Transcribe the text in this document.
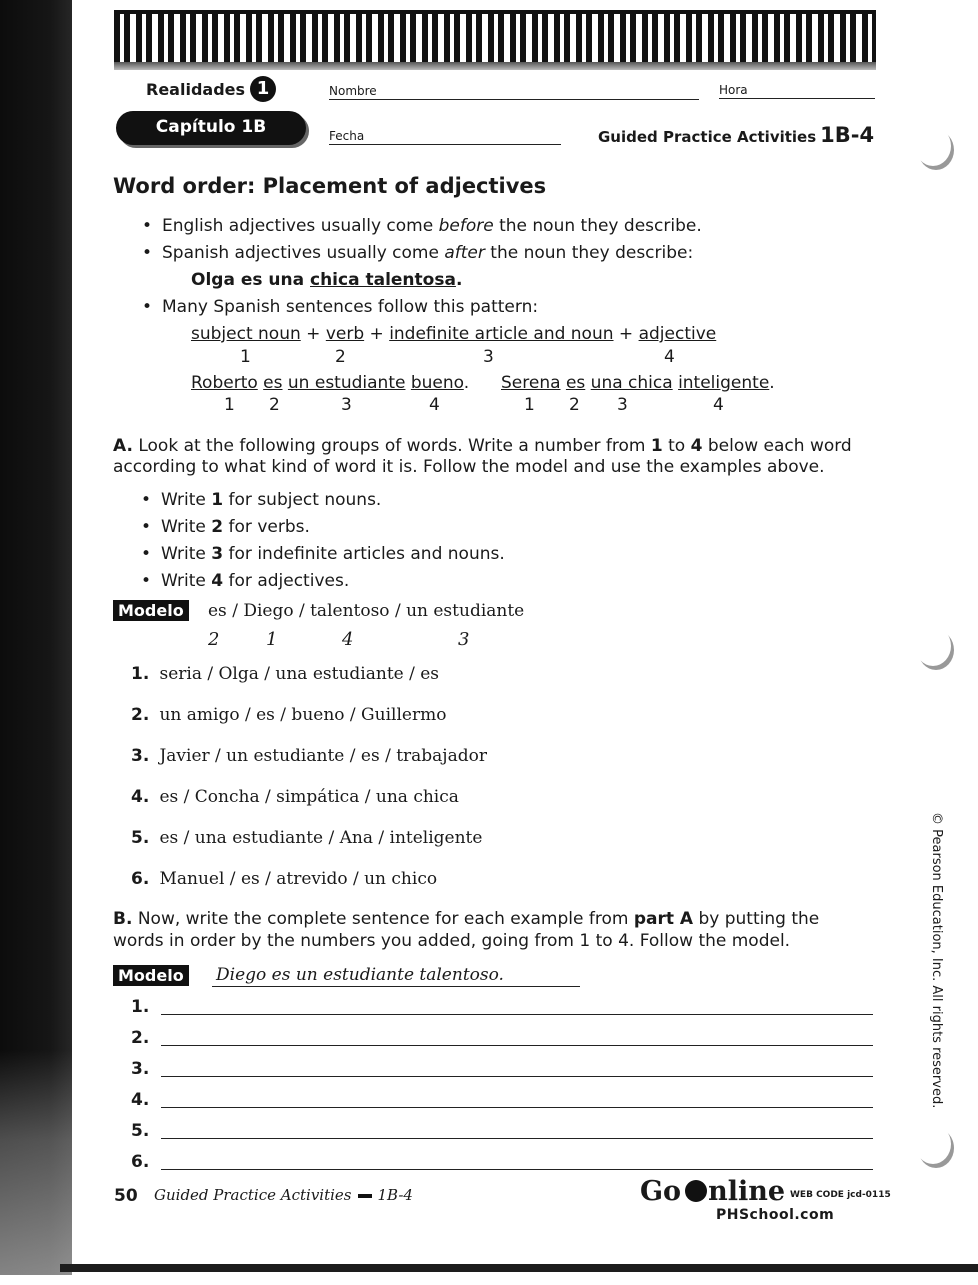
Realidades 1
Capítulo 1B
Nombre	Hora
Fecha	Guided Practice Activities 1B-4
Word order: Placement of adjectives
• English adjectives usually come before the noun they describe.
• Spanish adjectives usually come after the noun they describe:
Olga es una chica talentosa.
• Many Spanish sentences follow this pattern:
subject noun + verb + indefinite article and noun + adjective
1	2	3	4
Roberto es un estudiante bueno. Serena es una chica inteligente.
1 2	3	4	1 2 3	4
A. Look at the following groups of words. Write a number from 1 to 4 below each word
according to what kind of word it is. Follow the model and use the examples above.
• Write 1 for subject nouns.
• Write 2 for verbs.
• Write 3 for indefinite articles and nouns.
• Write 4 for adjectives.
Modelo es / Diego / talentoso / un estudiante
2	1	4	3
1. seria / Olga / una estudiante / es
2. un amigo / es / bueno / Guillermo
3. Javier / un estudiante / es / trabajador
4. es / Concha / simpática / una chica
5. es / una estudiante / Ana / inteligente
6. Manuel / es / atrevido / un chico
B. Now, write the complete sentence for each example from part A by putting the
words in order by the numbers you added, going from 1 to 4. Follow the model.
Modelo Diego es un estudiante talentoso.
1.
2.
3.
4.
5.
6.
50 Guided Practice Activities 1B-4	Go nline WEB CODE jcd-0115
PHSchool.com
© Pearson Education, Inc. All rights reserved.
